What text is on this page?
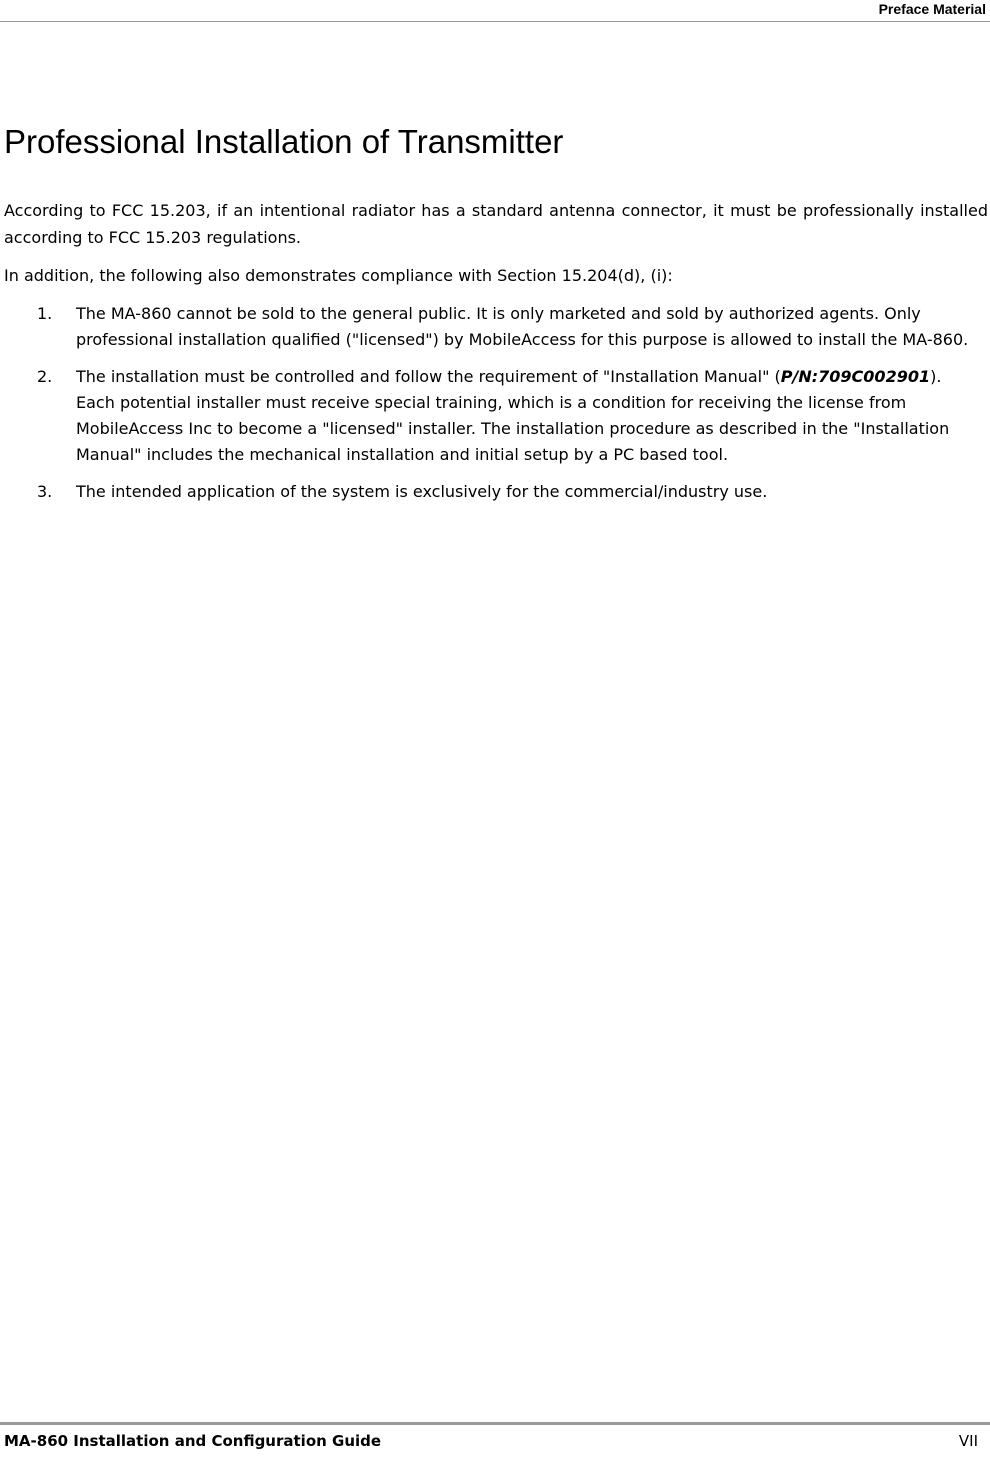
Preface Material
Professional Installation of Transmitter

According to FCC 15.203, if an intentional radiator has a standard antenna connector, it must be professionally installed according to FCC 15.203 regulations.

In addition, the following also demonstrates compliance with Section 15.204(d), (i):

1. The MA-860 cannot be sold to the general public. It is only marketed and sold by authorized agents. Only professional installation qualified ("licensed") by MobileAccess for this purpose is allowed to install the MA-860.
2. The installation must be controlled and follow the requirement of "Installation Manual" (P/N:709C002901). Each potential installer must receive special training, which is a condition for receiving the license from MobileAccess Inc to become a "licensed" installer. The installation procedure as described in the "Installation Manual" includes the mechanical installation and initial setup by a PC based tool.
3. The intended application of the system is exclusively for the commercial/industry use.
MA-860 Installation and Configuration Guide	VII
